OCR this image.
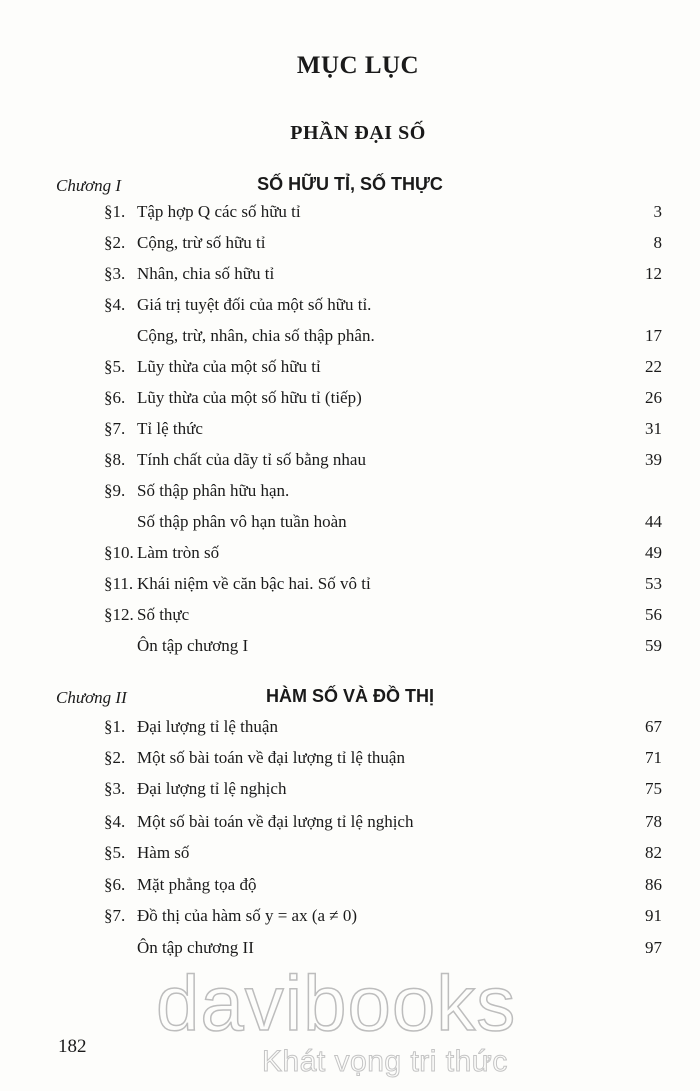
MỤC LỤC
PHẦN ĐẠI SỐ
Chương I	SỐ HỮU TỈ, SỐ THỰC
§1. Tập hợp Q các số hữu tỉ	3
§2. Cộng, trừ số hữu tỉ	8
§3. Nhân, chia số hữu tỉ	12
§4. Giá trị tuyệt đối của một số hữu tỉ.
Cộng, trừ, nhân, chia số thập phân.	17
§5. Lũy thừa của một số hữu tỉ	22
§6. Lũy thừa của một số hữu tỉ (tiếp)	26
§7. Tỉ lệ thức	31
§8. Tính chất của dãy tỉ số bằng nhau	39
§9. Số thập phân hữu hạn.
Số thập phân vô hạn tuần hoàn	44
§10. Làm tròn số	49
§11. Khái niệm về căn bậc hai. Số vô tỉ	53
§12. Số thực	56
Ôn tập chương I	59
Chương II	HÀM SỐ VÀ ĐỒ THỊ
§1. Đại lượng tỉ lệ thuận	67
§2. Một số bài toán về đại lượng tỉ lệ thuận	71
§3. Đại lượng tỉ lệ nghịch	75
§4. Một số bài toán về đại lượng tỉ lệ nghịch	78
§5. Hàm số	82
§6. Mặt phẳng tọa độ	86
§7. Đồ thị của hàm số y = ax (a ≠ 0)	91
Ôn tập chương II	97
182 davibooks
Khát vọng tri thức
